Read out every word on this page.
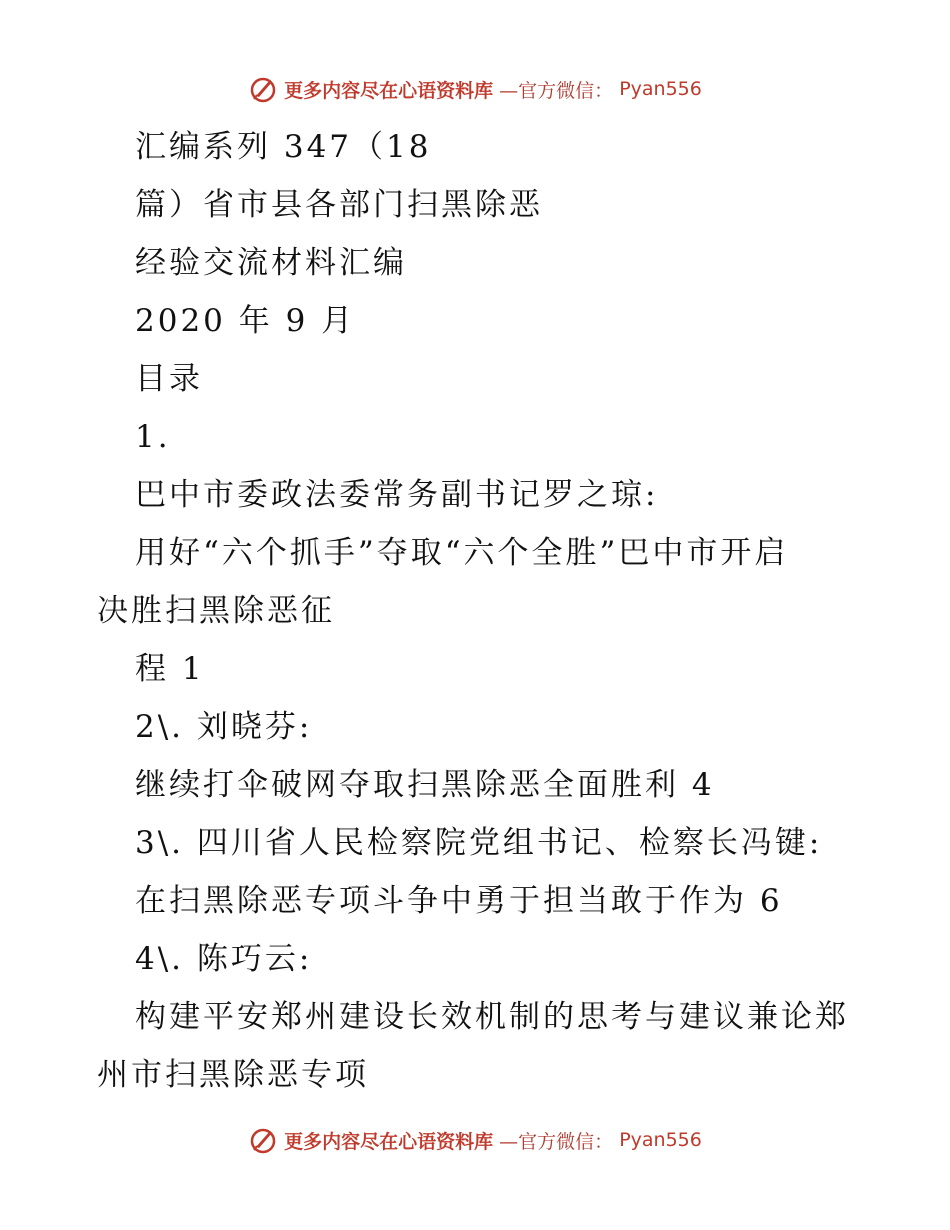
更多内容尽在心语资料库 —官方微信： Pyan556
汇编系列 347（18
篇）省市县各部门扫黑除恶
经验交流材料汇编
2020 年 9 月
目录
1.
巴中市委政法委常务副书记罗之琼:
用好“六个抓手”夺取“六个全胜”巴中市开启
决胜扫黑除恶征
程 1
2\. 刘晓芬:
继续打伞破网夺取扫黑除恶全面胜利 4
3\. 四川省人民检察院党组书记、检察长冯键:
在扫黑除恶专项斗争中勇于担当敢于作为 6
4\. 陈巧云:
构建平安郑州建设长效机制的思考与建议兼论郑
州市扫黑除恶专项
更多内容尽在心语资料库 —官方微信： Pyan556
